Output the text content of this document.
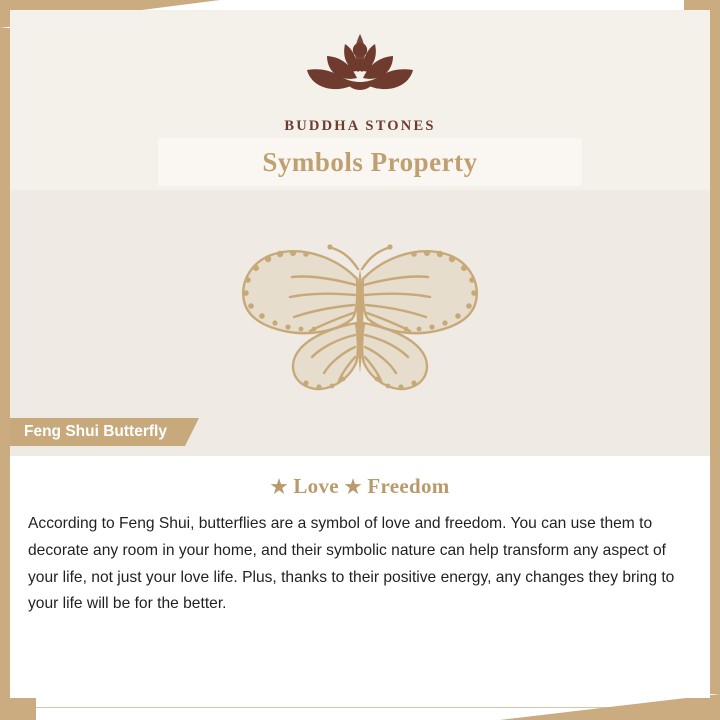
BUDDHA STONES
Symbols Property
Feng Shui Butterfly

★ Love ★ Freedom

According to Feng Shui, butterflies are a symbol of love and freedom. You can use them to decorate any room in your home, and their symbolic nature can help transform any aspect of your life, not just your love life. Plus, thanks to their positive energy, any changes they bring to your life will be for the better.
